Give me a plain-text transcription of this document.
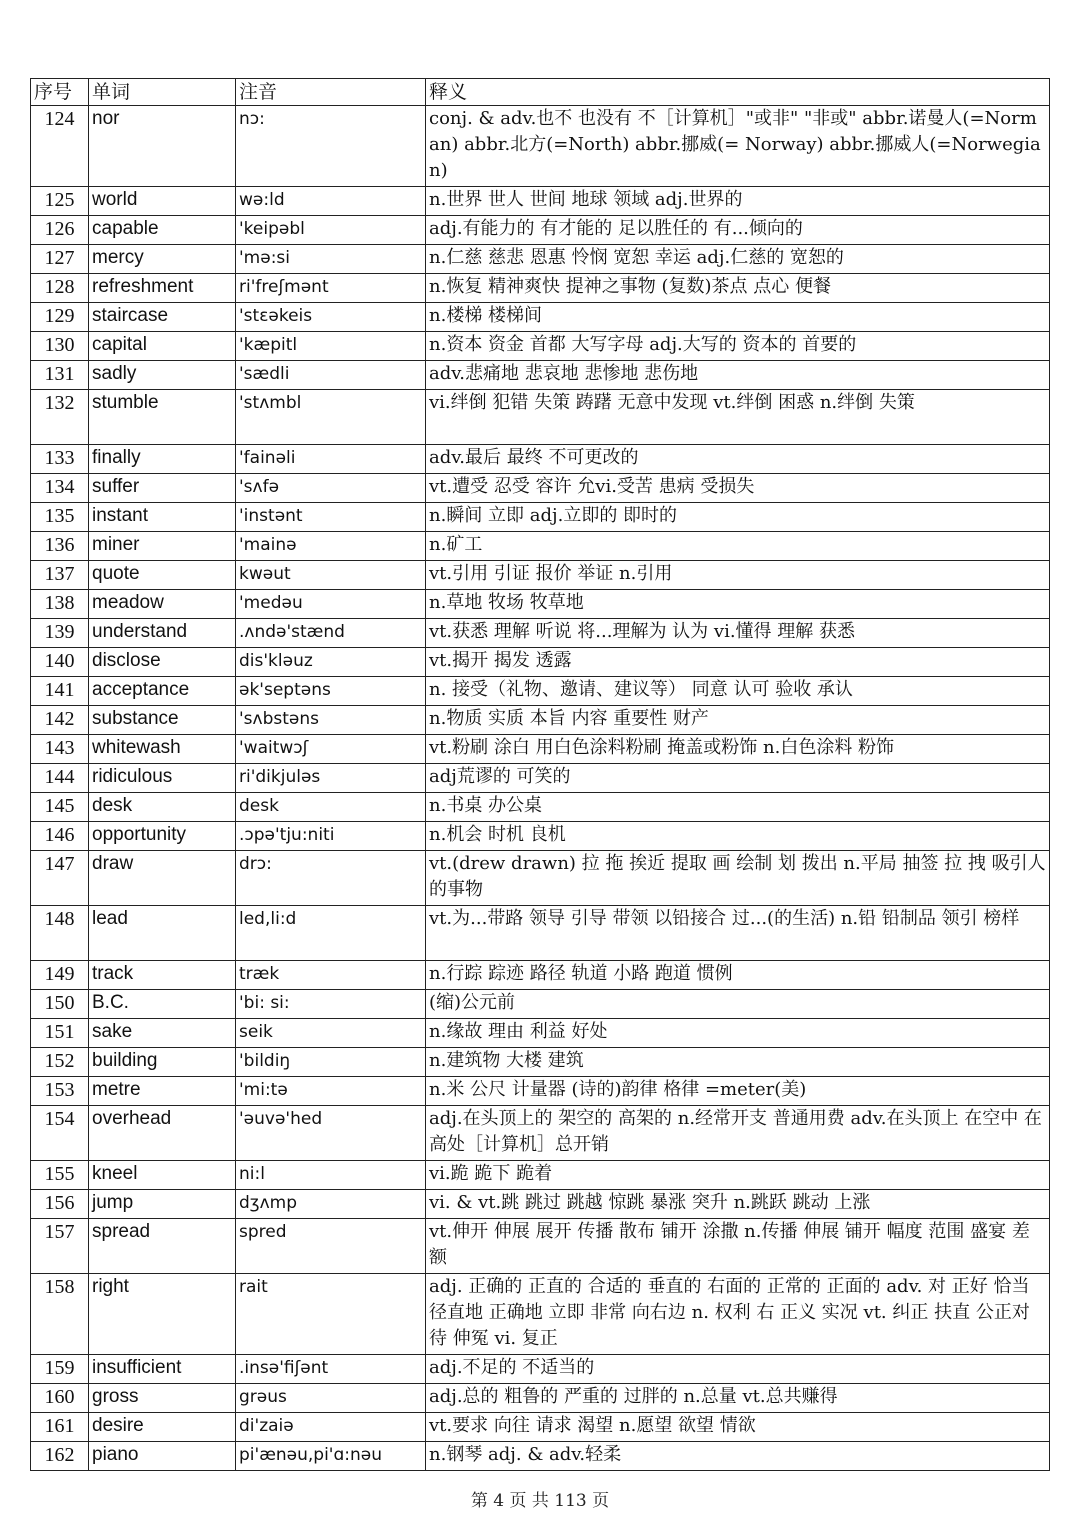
序号	单词	注音	释义
124	nor	nɔ:	conj. & adv.也不 也没有 不［计算机］"或非" "非或" abbr.诺曼人(=Norman) abbr.北方(=North) abbr.挪威(= Norway) abbr.挪威人(=Norwegian)
125	world	wə:ld	n.世界 世人 世间 地球 领域 adj.世界的
126	capable	'keipəbl	adj.有能力的 有才能的 足以胜任的 有...倾向的
127	mercy	'mə:si	n.仁慈 慈悲 恩惠 怜悯 宽恕 幸运 adj.仁慈的 宽恕的
128	refreshment	ri'freʃmənt	n.恢复 精神爽快 提神之事物 (复数)茶点 点心 便餐
129	staircase	'stɛəkeis	n.楼梯 楼梯间
130	capital	'kæpitl	n.资本 资金 首都 大写字母 adj.大写的 资本的 首要的
131	sadly	'sædli	adv.悲痛地 悲哀地 悲惨地 悲伤地
132	stumble	'stʌmbl	vi.绊倒 犯错 失策 踌躇 无意中发现 vt.绊倒 困惑 n.绊倒 失策
133	finally	'fainəli	adv.最后 最终 不可更改的
134	suffer	'sʌfə	vt.遭受 忍受 容许 允vi.受苦 患病 受损失
135	instant	'instənt	n.瞬间 立即 adj.立即的 即时的
136	miner	'mainə	n.矿工
137	quote	kwəut	vt.引用 引证 报价 举证 n.引用
138	meadow	'medəu	n.草地 牧场 牧草地
139	understand	.ʌndə'stænd	vt.获悉 理解 听说 将...理解为 认为 vi.懂得 理解 获悉
140	disclose	dis'kləuz	vt.揭开 揭发 透露
141	acceptance	ək'septəns	n. 接受（礼物、邀请、建议等） 同意 认可 验收 承认
142	substance	'sʌbstəns	n.物质 实质 本旨 内容 重要性 财产
143	whitewash	'waitwɔʃ	vt.粉刷 涂白 用白色涂料粉刷 掩盖或粉饰 n.白色涂料 粉饰
144	ridiculous	ri'dikjuləs	adj荒谬的 可笑的
145	desk	desk	n.书桌 办公桌
146	opportunity	.ɔpə'tju:niti	n.机会 时机 良机
147	draw	drɔ:	vt.(drew drawn) 拉 拖 挨近 提取 画 绘制 划 拨出 n.平局 抽签 拉 拽 吸引人的事物
148	lead	led,li:d	vt.为...带路 领导 引导 带领 以铅接合 过...(的生活) n.铅 铅制品 领引 榜样
149	track	træk	n.行踪 踪迹 路径 轨道 小路 跑道 惯例
150	B.C.	'bi: si:	(缩)公元前
151	sake	seik	n.缘故 理由 利益 好处
152	building	'bildiŋ	n.建筑物 大楼 建筑
153	metre	'mi:tə	n.米 公尺 计量器 (诗的)韵律 格律 =meter(美)
154	overhead	'əuvə'hed	adj.在头顶上的 架空的 高架的 n.经常开支 普通用费 adv.在头顶上 在空中 在高处［计算机］总开销
155	kneel	ni:l	vi.跪 跪下 跪着
156	jump	dʒʌmp	vi. & vt.跳 跳过 跳越 惊跳 暴涨 突升 n.跳跃 跳动 上涨
157	spread	spred	vt.伸开 伸展 展开 传播 散布 铺开 涂撒 n.传播 伸展 铺开 幅度 范围 盛宴 差额
158	right	rait	adj. 正确的 正直的 合适的 垂直的 右面的 正常的 正面的 adv. 对 正好 恰当 径直地 正确地 立即 非常 向右边 n. 权利 右 正义 实况 vt. 纠正 扶直 公正对待 伸冤 vi. 复正
159	insufficient	.insə'fiʃənt	adj.不足的 不适当的
160	gross	grəus	adj.总的 粗鲁的 严重的 过胖的 n.总量 vt.总共赚得
161	desire	di'zaiə	vt.要求 向往 请求 渴望 n.愿望 欲望 情欲
162	piano	pi'ænəu,pi'ɑ:nəu	n.钢琴 adj. & adv.轻柔
第 4 页 共 113 页
